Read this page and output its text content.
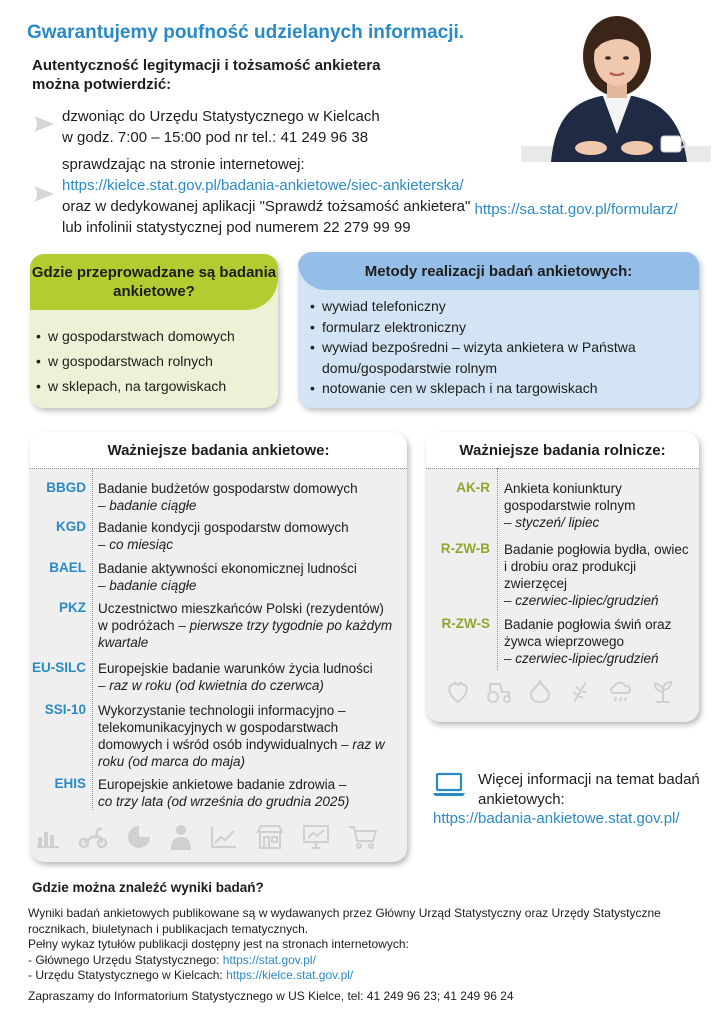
Gwarantujemy poufność udzielanych informacji.
Autentyczność legitymacji i tożsamość ankietera można potwierdzić:
dzwoniąc do Urzędu Statystycznego w Kielcach
w godz. 7:00 – 15:00 pod nr tel.: 41 249 96 38
sprawdzając na stronie internetowej:
https://kielce.stat.gov.pl/badania-ankietowe/siec-ankieterska/
oraz w dedykowanej aplikacji "Sprawdź tożsamość ankietera" https://sa.stat.gov.pl/formularz/
lub infolinii statystycznej pod numerem 22 279 99 99
Gdzie przeprowadzane są badania ankietowe?
• w gospodarstwach domowych
• w gospodarstwach rolnych
• w sklepach, na targowiskach
Metody realizacji badań ankietowych:
• wywiad telefoniczny
• formularz elektroniczny
• wywiad bezpośredni – wizyta ankietera w Państwa domu/gospodarstwie rolnym
• notowanie cen w sklepach i na targowiskach
Ważniejsze badania ankietowe:
BBGD Badanie budżetów gospodarstw domowych
– badanie ciągłe
KGD Badanie kondycji gospodarstw domowych
– co miesiąc
BAEL Badanie aktywności ekonomicznej ludności
– badanie ciągłe
PKZ Uczestnictwo mieszkańców Polski (rezydentów) w podróżach – pierwsze trzy tygodnie po każdym kwartale
EU-SILC Europejskie badanie warunków życia ludności
– raz w roku (od kwietnia do czerwca)
SSI-10 Wykorzystanie technologii informacyjno – telekomunikacyjnych w gospodarstwach domowych i wśród osób indywidualnych – raz w roku (od marca do maja)
EHIS Europejskie ankietowe badanie zdrowia –
co trzy lata (od września do grudnia 2025)
Ważniejsze badania rolnicze:
AK-R Ankieta koniunktury gospodarstwie rolnym
– styczeń/ lipiec
R-ZW-B Badanie pogłowia bydła, owiec i drobiu oraz produkcji zwierzęcej
– czerwiec-lipiec/grudzień
R-ZW-S Badanie pogłowia świń oraz żywca wieprzowego
– czerwiec-lipiec/grudzień
Więcej informacji na temat badań ankietowych:
https://badania-ankietowe.stat.gov.pl/
Gdzie można znaleźć wyniki badań?
Wyniki badań ankietowych publikowane są w wydawanych przez Główny Urząd Statystyczny oraz Urzędy Statystyczne
rocznikach, biuletynach i publikacjach tematycznych.
Pełny wykaz tytułów publikacji dostępny jest na stronach internetowych:
- Głównego Urzędu Statystycznego: https://stat.gov.pl/
- Urzędu Statystycznego w Kielcach: https://kielce.stat.gov.pl/
Zapraszamy do Informatorium Statystycznego w US Kielce, tel: 41 249 96 23; 41 249 96 24
